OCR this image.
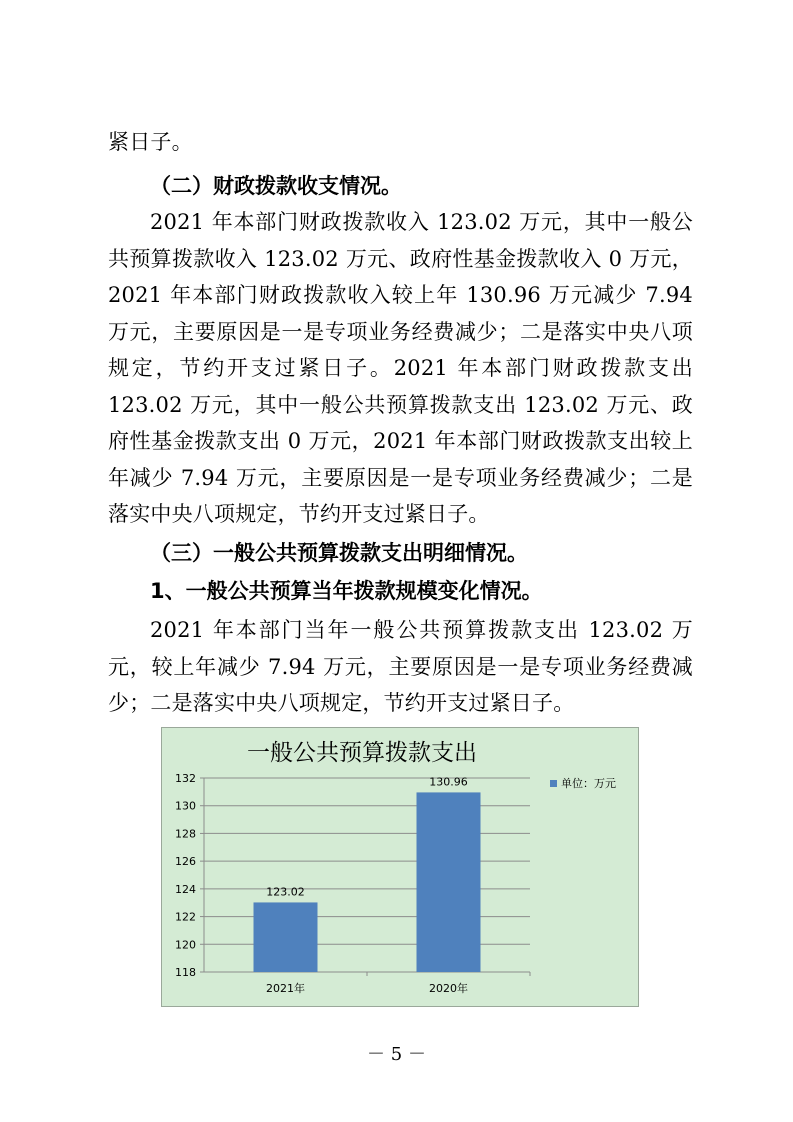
紧日子。
（二）财政拨款收支情况。
2021 年本部门财政拨款收入 123.02 万元，其中一般公共预算拨款收入 123.02 万元、政府性基金拨款收入 0 万元，2021 年本部门财政拨款收入较上年 130.96 万元减少 7.94 万元，主要原因是一是专项业务经费减少；二是落实中央八项规定，节约开支过紧日子。2021 年本部门财政拨款支出 123.02 万元，其中一般公共预算拨款支出 123.02 万元、政府性基金拨款支出 0 万元，2021 年本部门财政拨款支出较上年减少 7.94 万元，主要原因是一是专项业务经费减少；二是落实中央八项规定，节约开支过紧日子。
（三）一般公共预算拨款支出明细情况。
1、一般公共预算当年拨款规模变化情况。
2021 年本部门当年一般公共预算拨款支出 123.02 万元，较上年减少 7.94 万元，主要原因是一是专项业务经费减少；二是落实中央八项规定，节约开支过紧日子。
一般公共预算拨款支出
118
120
122
124
126
128
130
132
123.02
2021年
130.96
2020年
单位：万元
－ 5 －
